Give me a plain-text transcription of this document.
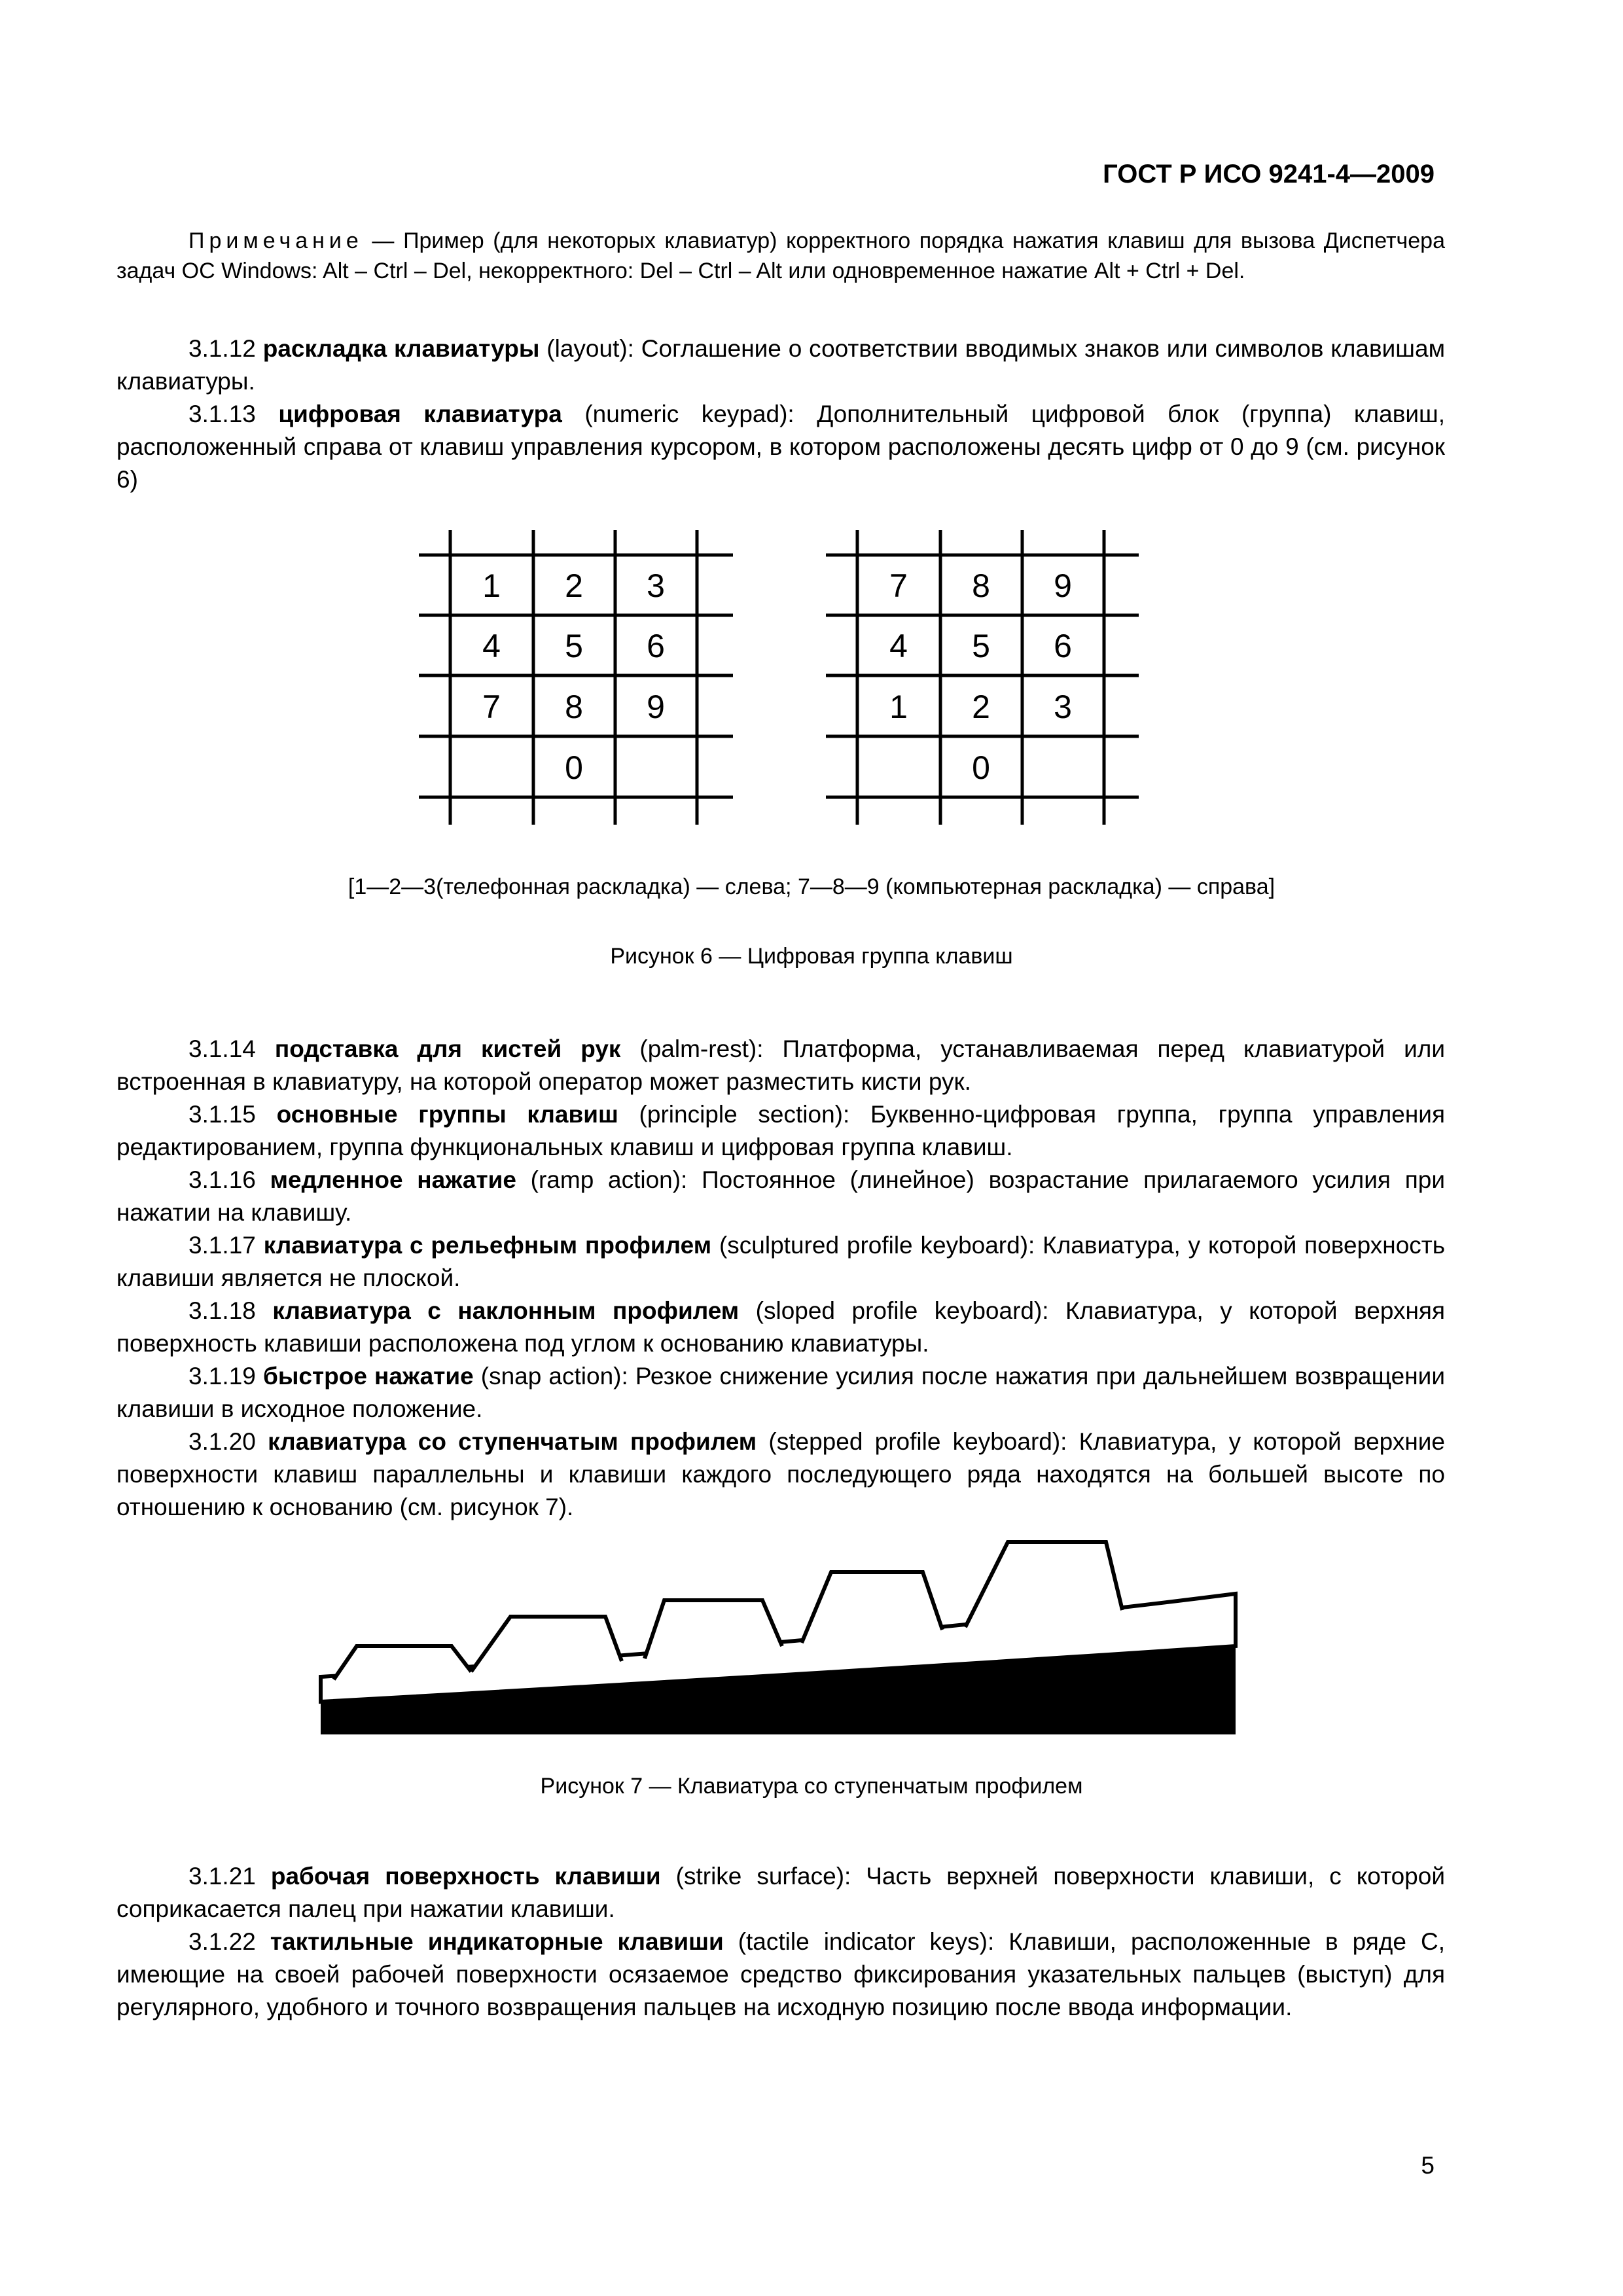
ГОСТ Р ИСО 9241-4—2009

Примечание — Пример (для некоторых клавиатур) корректного порядка нажатия клавиш для вызова Диспетчера задач ОС Windows: Alt – Ctrl – Del, некорректного: Del – Ctrl – Alt или одновременное нажатие Alt + Ctrl + Del.

3.1.12 раскладка клавиатуры (layout): Соглашение о соответствии вводимых знаков или символов клавишам клавиатуры.

3.1.13 цифровая клавиатура (numeric keypad): Дополнительный цифровой блок (группа) клавиш, расположенный справа от клавиш управления курсором, в котором расположены десять цифр от 0 до 9 (см. рисунок 6)

1 2 3
4 5 6
7 8 9
0
7 8 9
4 5 6
1 2 3
0
[1—2—3(телефонная раскладка) — слева; 7—8—9 (компьютерная раскладка) — справа]
Рисунок 6 — Цифровая группа клавиш

3.1.14 подставка для кистей рук (palm-rest): Платформа, устанавливаемая перед клавиатурой или встроенная в клавиатуру, на которой оператор может разместить кисти рук.

3.1.15 основные группы клавиш (principle section): Буквенно-цифровая группа, группа управления редактированием, группа функциональных клавиш и цифровая группа клавиш.

3.1.16 медленное нажатие (ramp action): Постоянное (линейное) возрастание прилагаемого усилия при нажатии на клавишу.

3.1.17 клавиатура с рельефным профилем (sculptured profile keyboard): Клавиатура, у которой поверхность клавиши является не плоской.

3.1.18 клавиатура с наклонным профилем (sloped profile keyboard): Клавиатура, у которой верхняя поверхность клавиши расположена под углом к основанию клавиатуры.

3.1.19 быстрое нажатие (snap action): Резкое снижение усилия после нажатия при дальнейшем возвращении клавиши в исходное положение.

3.1.20 клавиатура со ступенчатым профилем (stepped profile keyboard): Клавиатура, у которой верхние поверхности клавиш параллельны и клавиши каждого последующего ряда находятся на большей высоте по отношению к основанию (см. рисунок 7).

Рисунок 7 — Клавиатура со ступенчатым профилем

3.1.21 рабочая поверхность клавиши (strike surface): Часть верхней поверхности клавиши, с которой соприкасается палец при нажатии клавиши.

3.1.22 тактильные индикаторные клавиши (tactile indicator keys): Клавиши, расположенные в ряде С, имеющие на своей рабочей поверхности осязаемое средство фиксирования указательных пальцев (выступ) для регулярного, удобного и точного возвращения пальцев на исходную позицию после ввода информации.

5
